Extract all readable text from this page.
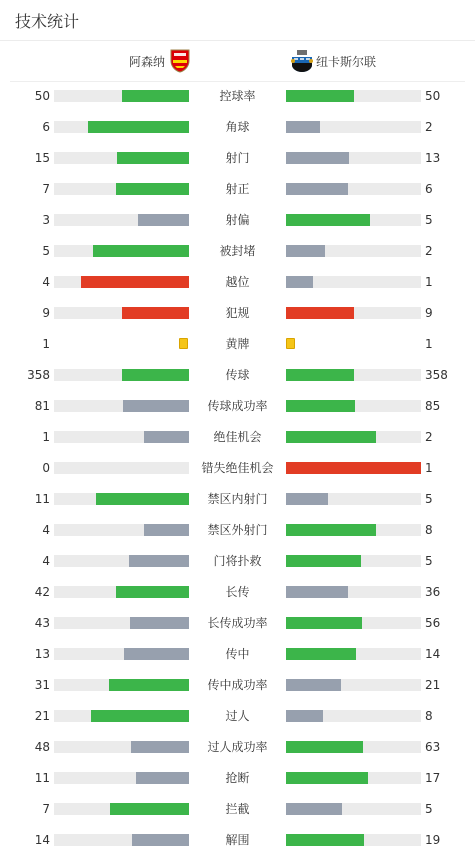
技术统计
阿森纳	纽卡斯尔联
50	控球率	50
6	角球	2
15	射门	13
7	射正	6
3	射偏	5
5	被封堵	2
4	越位	1
9	犯规	9
1	黄牌	1
358	传球	358
81	传球成功率	85
1	绝佳机会	2
0	错失绝佳机会	1
11	禁区内射门	5
4	禁区外射门	8
4	门将扑救	5
42	长传	36
43	长传成功率	56
13	传中	14
31	传中成功率	21
21	过人	8
48	过人成功率	63
11	抢断	17
7	拦截	5
14	解围	19
